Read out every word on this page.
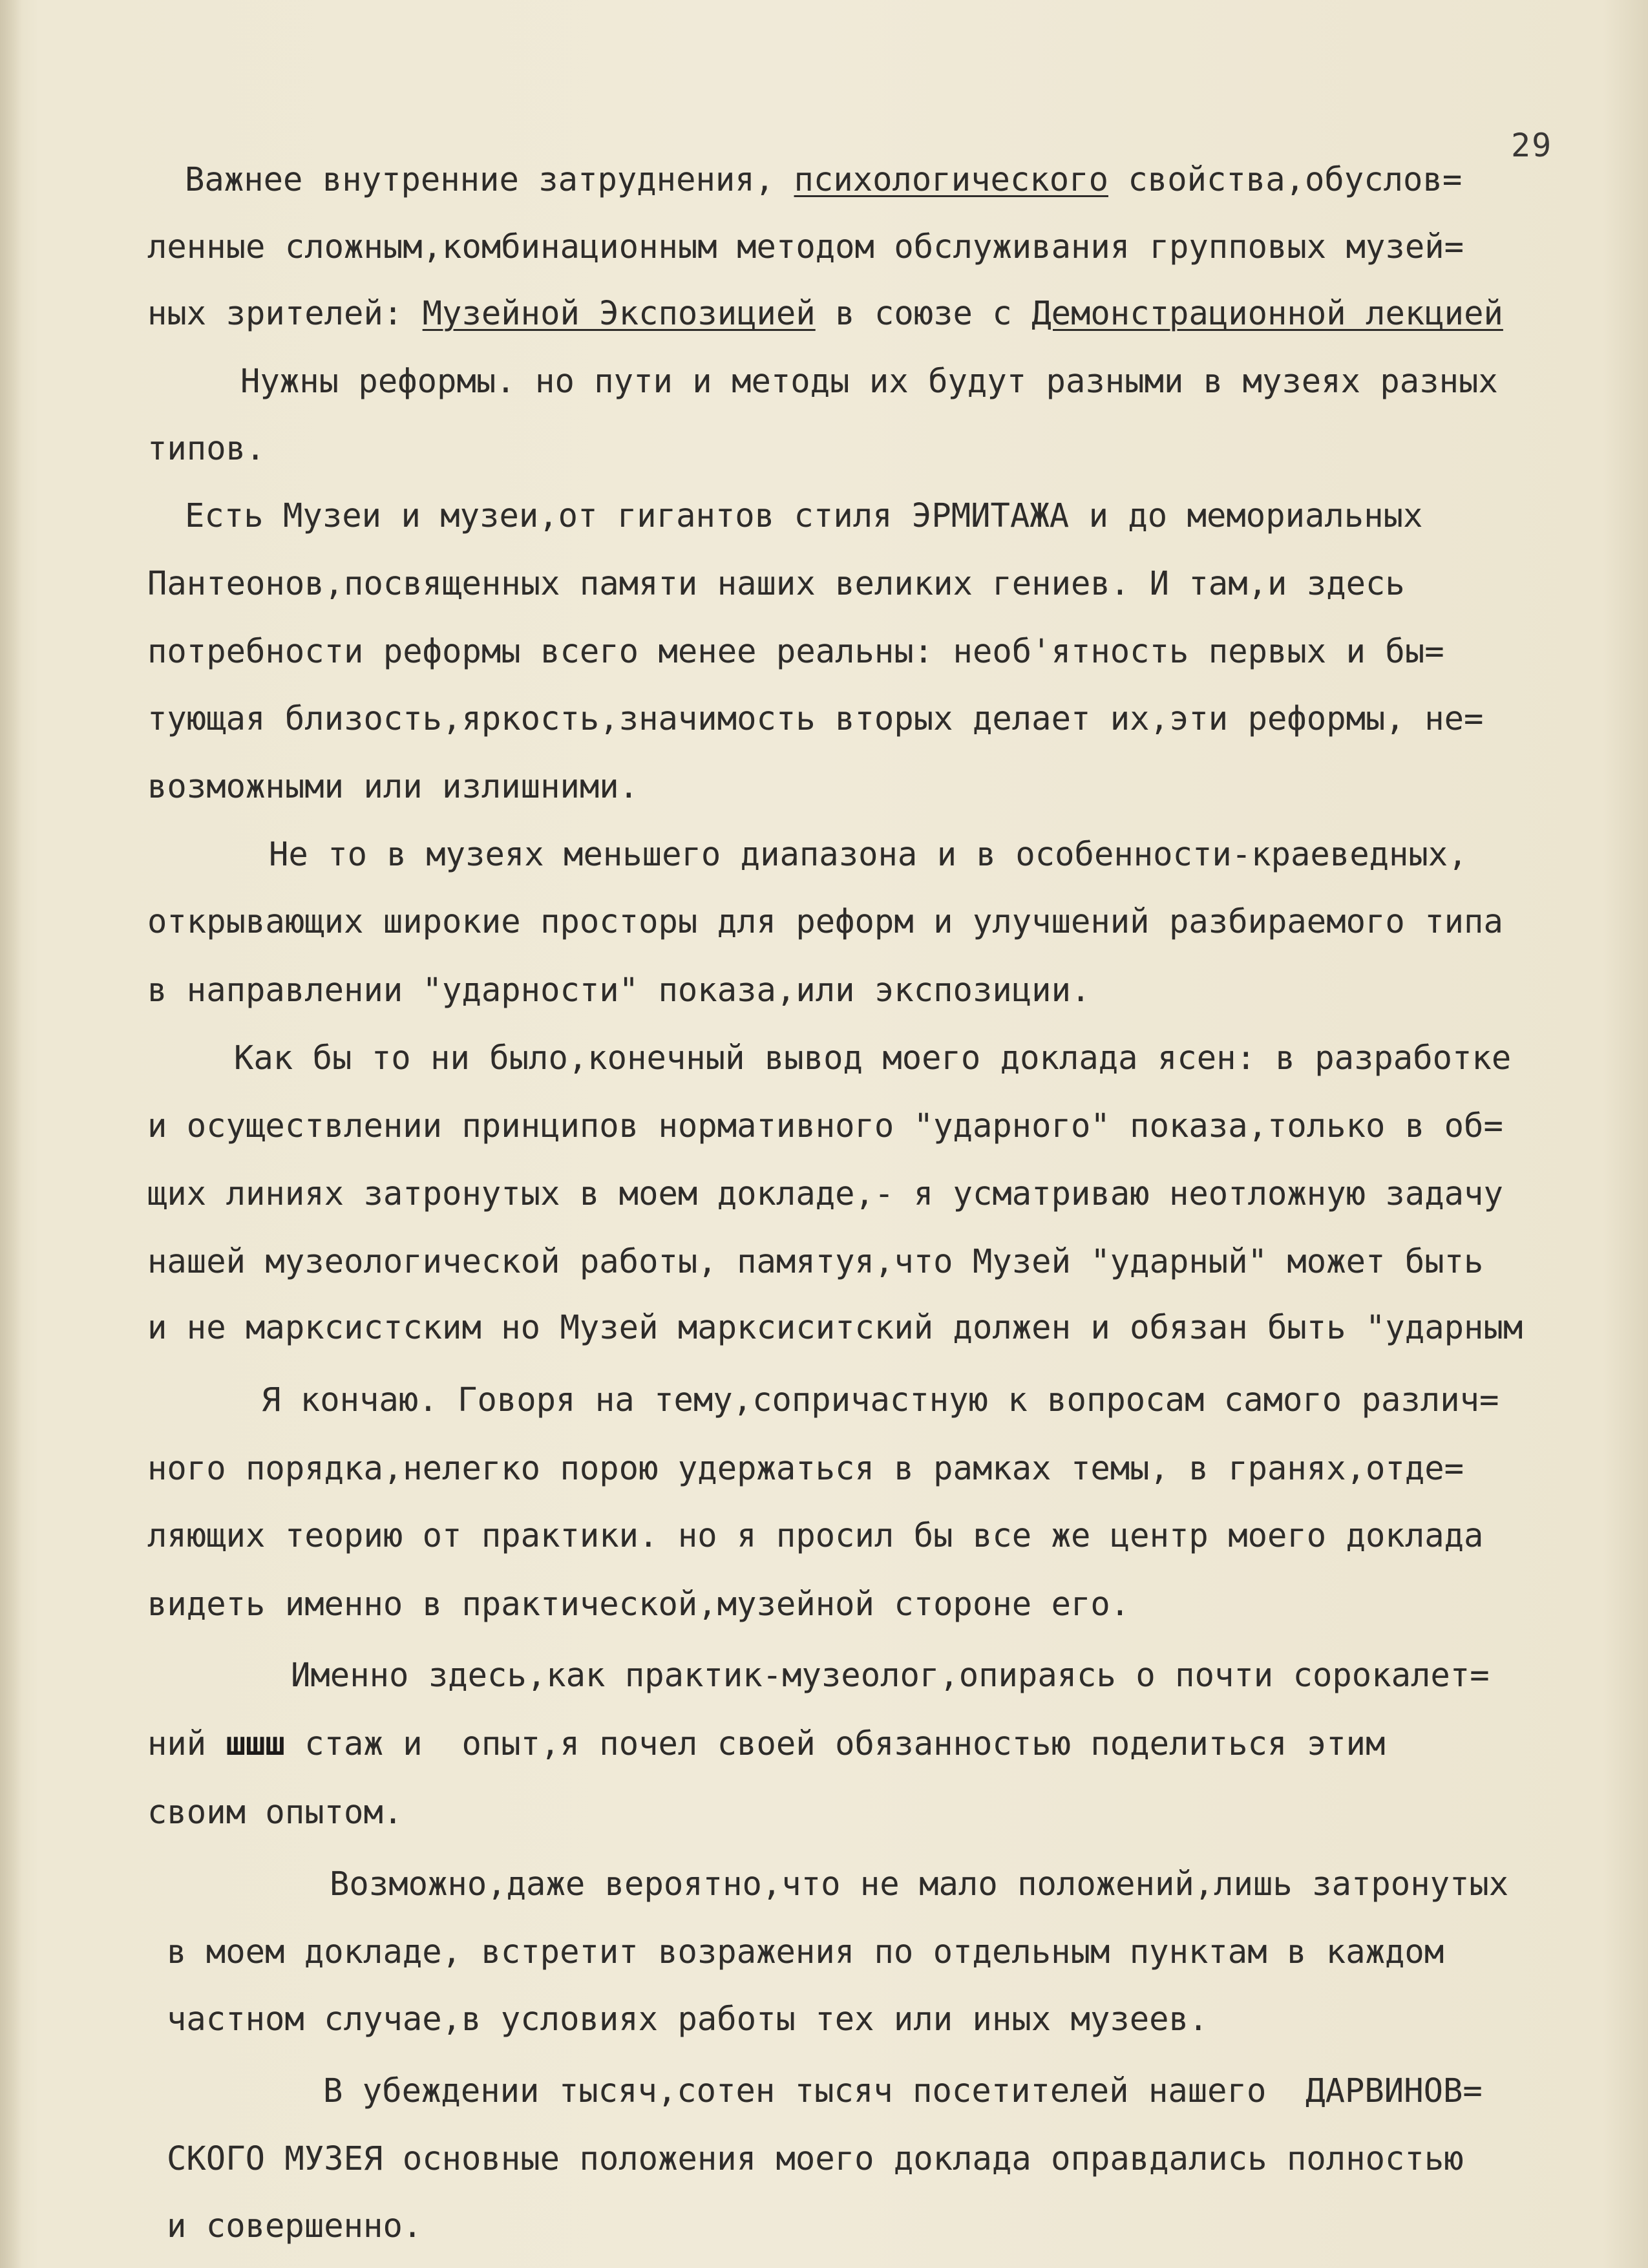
29
Важнее внутренние затруднения, психологического свойства,обуслов=
ленные сложным,комбинационным методом обслуживания групповых музей=
ных зрителей: Музейной Экспозицией в союзе с Демонстрационной лекцией
Нужны реформы. но пути и методы их будут разными в музеях разных
типов.
Есть Музеи и музеи,от гигантов стиля ЭРМИТАЖА и до мемориальных
Пантеонов,посвященных памяти наших великих гениев. И там,и здесь
потребности реформы всего менее реальны: необ'ятность первых и бы=
тующая близость,яркость,значимость вторых делает их,эти реформы, не=
возможными или излишними.
Не то в музеях меньшего диапазона и в особенности-краеведных,
открывающих широкие просторы для реформ и улучшений разбираемого типа
в направлении "ударности" показа,или экспозиции.
Как бы то ни было,конечный вывод моего доклада ясен: в разработке
и осуществлении принципов нормативного "ударного" показа,только в об=
щих линиях затронутых в моем докладе,- я усматриваю неотложную задачу
нашей музеологической работы, памятуя,что Музей "ударный" может быть
и не марксистским но Музей марксиситский должен и обязан быть "ударным
Я кончаю. Говоря на тему,сопричастную к вопросам самого различ=
ного порядка,нелегко порою удержаться в рамках темы, в гранях,отде=
ляющих теорию от практики. но я просил бы все же центр моего доклада
видеть именно в практической,музейной стороне его.
Именно здесь,как практик-музеолог,опираясь о почти сорокалет=
ний шшш стаж и  опыт,я почел своей обязанностью поделиться этим
своим опытом.
Возможно,даже вероятно,что не мало положений,лишь затронутых
в моем докладе, встретит возражения по отдельным пунктам в каждом
частном случае,в условиях работы тех или иных музеев.
В убеждении тысяч,сотен тысяч посетителей нашего  ДАРВИНОВ=
СКОГО МУЗЕЯ основные положения моего доклада оправдались полностью
и совершенно.
